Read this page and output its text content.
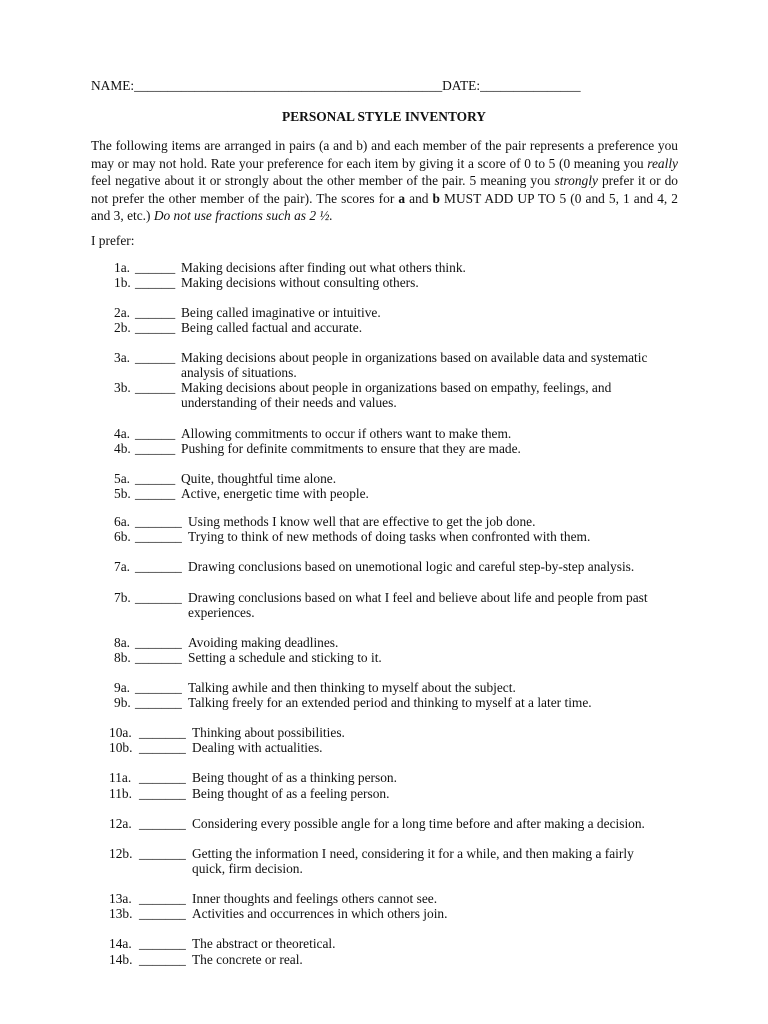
NAME:______________________________________________DATE:_______________
PERSONAL STYLE INVENTORY
The following items are arranged in pairs (a and b) and each member of the pair represents a preference you may or may not hold. Rate your preference for each item by giving it a score of 0 to 5 (0 meaning you really feel negative about it or strongly about the other member of the pair. 5 meaning you strongly prefer it or do not prefer the other member of the pair). The scores for a and b MUST ADD UP TO 5 (0 and 5, 1 and 4, 2 and 3, etc.) Do not use fractions such as 2 ½.
I prefer:
1a. ______ Making decisions after finding out what others think.
1b. ______ Making decisions without consulting others.
2a. ______ Being called imaginative or intuitive.
2b. ______ Being called factual and accurate.
3a. ______ Making decisions about people in organizations based on available data and systematic analysis of situations.
3b. ______ Making decisions about people in organizations based on empathy, feelings, and understanding of their needs and values.
4a. ______ Allowing commitments to occur if others want to make them.
4b. ______ Pushing for definite commitments to ensure that they are made.
5a. ______ Quite, thoughtful time alone.
5b. ______ Active, energetic time with people.
6a. _______ Using methods I know well that are effective to get the job done.
6b. _______ Trying to think of new methods of doing tasks when confronted with them.
7a. _______ Drawing conclusions based on unemotional logic and careful step-by-step analysis.
7b. _______ Drawing conclusions based on what I feel and believe about life and people from past experiences.
8a. _______ Avoiding making deadlines.
8b. _______ Setting a schedule and sticking to it.
9a. _______ Talking awhile and then thinking to myself about the subject.
9b. _______ Talking freely for an extended period and thinking to myself at a later time.
10a. _______ Thinking about possibilities.
10b. _______ Dealing with actualities.
11a. _______ Being thought of as a thinking person.
11b. _______ Being thought of as a feeling person.
12a. _______ Considering every possible angle for a long time before and after making a decision.
12b. _______ Getting the information I need, considering it for a while, and then making a fairly quick, firm decision.
13a. _______ Inner thoughts and feelings others cannot see.
13b. _______ Activities and occurrences in which others join.
14a. _______ The abstract or theoretical.
14b. _______ The concrete or real.
